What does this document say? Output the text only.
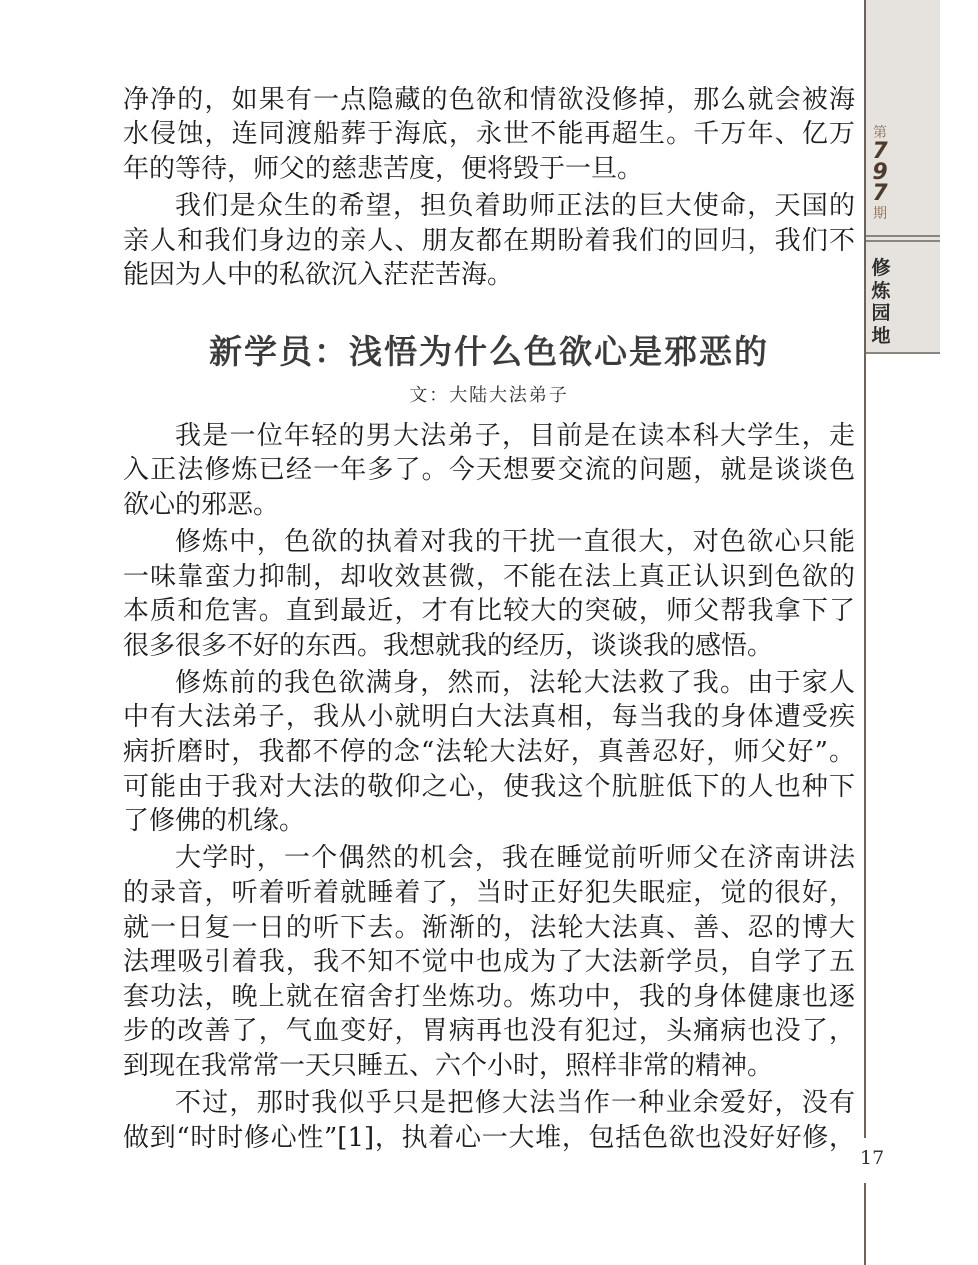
第
797
期
修炼园地
净净的，如果有一点隐藏的色欲和情欲没修掉，那么就会被海
水侵蚀，连同渡船葬于海底，永世不能再超生。千万年、亿万
年的等待，师父的慈悲苦度，便将毁于一旦。
我们是众生的希望，担负着助师正法的巨大使命，天国的
亲人和我们身边的亲人、朋友都在期盼着我们的回归，我们不
能因为人中的私欲沉入茫茫苦海。
新学员：浅悟为什么色欲心是邪恶的
文：大陆大法弟子
我是一位年轻的男大法弟子，目前是在读本科大学生，走
入正法修炼已经一年多了。今天想要交流的问题，就是谈谈色
欲心的邪恶。
修炼中，色欲的执着对我的干扰一直很大，对色欲心只能
一味靠蛮力抑制，却收效甚微，不能在法上真正认识到色欲的
本质和危害。直到最近，才有比较大的突破，师父帮我拿下了
很多很多不好的东西。我想就我的经历，谈谈我的感悟。
修炼前的我色欲满身，然而，法轮大法救了我。由于家人
中有大法弟子，我从小就明白大法真相，每当我的身体遭受疾
病折磨时，我都不停的念“法轮大法好，真善忍好，师父好”。
可能由于我对大法的敬仰之心，使我这个肮脏低下的人也种下
了修佛的机缘。
大学时，一个偶然的机会，我在睡觉前听师父在济南讲法
的录音，听着听着就睡着了，当时正好犯失眠症，觉的很好，
就一日复一日的听下去。渐渐的，法轮大法真、善、忍的博大
法理吸引着我，我不知不觉中也成为了大法新学员，自学了五
套功法，晚上就在宿舍打坐炼功。炼功中，我的身体健康也逐
步的改善了，气血变好，胃病再也没有犯过，头痛病也没了，
到现在我常常一天只睡五、六个小时，照样非常的精神。
不过，那时我似乎只是把修大法当作一种业余爱好，没有
做到“时时修心性”[1]，执着心一大堆，包括色欲也没好好修，
17
